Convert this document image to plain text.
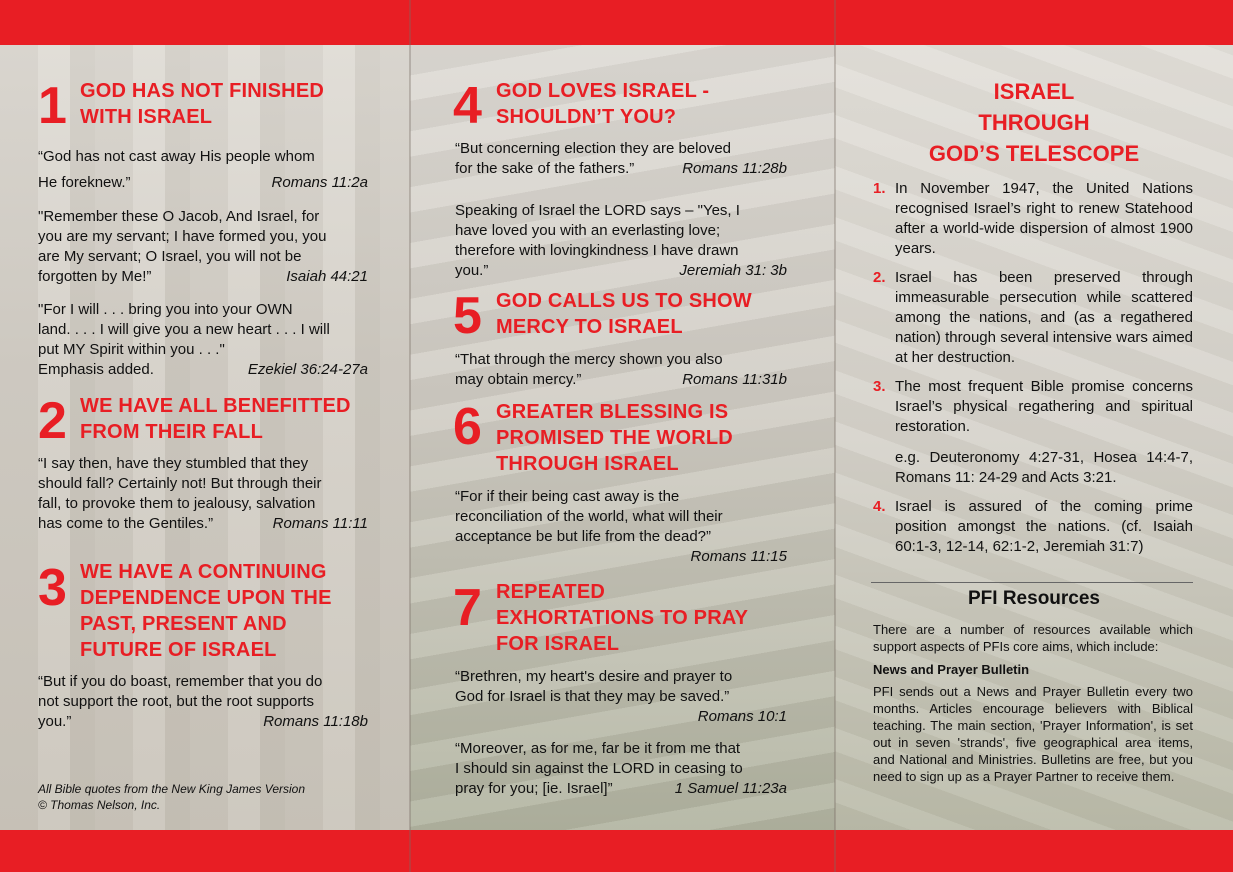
1 GOD HAS NOT FINISHED
WITH ISRAEL
“God has not cast away His people whom
He foreknew.”	Romans 11:2a
"Remember these O Jacob, And Israel, for
you are my servant; I have formed you, you
are My servant; O Israel, you will not be
forgotten by Me!”	Isaiah 44:21
"For I will . . . bring you into your OWN
land. . . . I will give you a new heart . . . I will
put MY Spirit within you . . ."
Emphasis added.	Ezekiel 36:24-27a
2 WE HAVE ALL BENEFITTED
FROM THEIR FALL
“I say then, have they stumbled that they
should fall? Certainly not! But through their
fall, to provoke them to jealousy, salvation
has come to the Gentiles.”	Romans 11:11
3 WE HAVE A CONTINUING
DEPENDENCE UPON THE
PAST, PRESENT AND
FUTURE OF ISRAEL
“But if you do boast, remember that you do
not support the root, but the root supports
you.”	Romans 11:18b
All Bible quotes from the New King James Version
© Thomas Nelson, Inc.
4 GOD LOVES ISRAEL -
SHOULDN’T YOU?
“But concerning election they are beloved
for the sake of the fathers.”	Romans 11:28b
Speaking of Israel the LORD says – "Yes, I
have loved you with an everlasting love;
therefore with lovingkindness I have drawn
you.”	Jeremiah 31: 3b
5 GOD CALLS US TO SHOW
MERCY TO ISRAEL
“That through the mercy shown you also
may obtain mercy.”	Romans 11:31b
6 GREATER BLESSING IS
PROMISED THE WORLD
THROUGH ISRAEL
“For if their being cast away is the
reconciliation of the world, what will their
acceptance be but life from the dead?”
Romans 11:15
7 REPEATED
EXHORTATIONS TO PRAY
FOR ISRAEL
“Brethren, my heart's desire and prayer to
God for Israel is that they may be saved.”
Romans 10:1
“Moreover, as for me, far be it from me that
I should sin against the LORD in ceasing to
pray for you; [ie. Israel]”	1 Samuel 11:23a
ISRAEL
THROUGH
GOD’S TELESCOPE
1. In November 1947, the United Nations recognised Israel’s right to renew Statehood after a world-wide dispersion of almost 1900 years.
2. Israel has been preserved through immeasurable persecution while scattered among the nations, and (as a regathered nation) through several intensive wars aimed at her destruction.
3. The most frequent Bible promise concerns Israel’s physical regathering and spiritual restoration.
e.g. Deuteronomy 4:27-31, Hosea 14:4-7, Romans 11: 24-29 and Acts 3:21.
4. Israel is assured of the coming prime position amongst the nations. (cf. Isaiah 60:1-3, 12-14, 62:1-2, Jeremiah 31:7)
PFI Resources
There are a number of resources available which support aspects of PFIs core aims, which include:
News and Prayer Bulletin
PFI sends out a News and Prayer Bulletin every two months. Articles encourage believers with Biblical teaching. The main section, 'Prayer Information', is set out in seven 'strands', five geographical area items, and National and Ministries. Bulletins are free, but you need to sign up as a Prayer Partner to receive them.
